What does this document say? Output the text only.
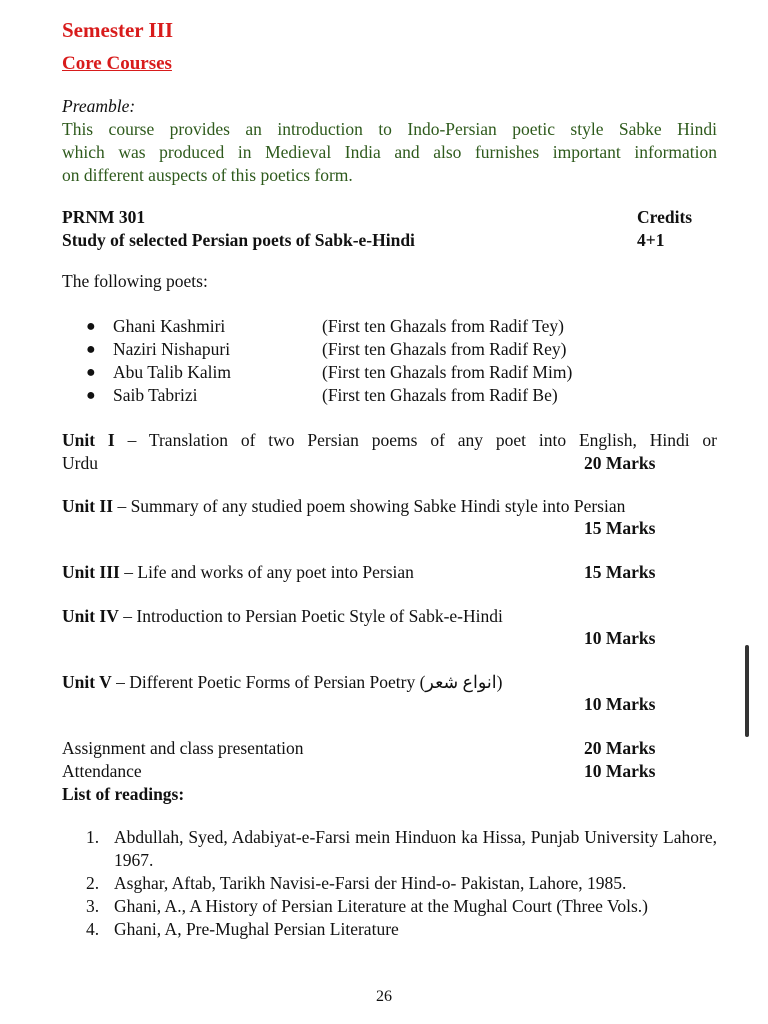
Semester III
Core Courses
Preamble:
This course provides an introduction to Indo-Persian poetic style Sabke Hindi
which was produced in Medieval India and also furnishes important information
on different auspects of this poetics form.
PRNM 301	Credits
Study of selected Persian poets of Sabk-e-Hindi	4+1
The following poets:
● Ghani Kashmiri	(First ten Ghazals from Radif Tey)
● Naziri Nishapuri	(First ten Ghazals from Radif Rey)
● Abu Talib Kalim	(First ten Ghazals from Radif Mim)
● Saib Tabrizi	(First ten Ghazals from Radif Be)
Unit I – Translation of two Persian poems of any poet into English, Hindi or
Urdu	20 Marks
Unit II – Summary of any studied poem showing Sabke Hindi style into Persian
15 Marks
Unit III – Life and works of any poet into Persian	15 Marks
Unit IV – Introduction to Persian Poetic Style of Sabk-e-Hindi
10 Marks
Unit V – Different Poetic Forms of Persian Poetry (انواع شعر)
10 Marks
Assignment and class presentation	20 Marks
Attendance	10 Marks
List of readings:
1. Abdullah, Syed, Adabiyat-e-Farsi mein Hinduon ka Hissa, Punjab University Lahore, 1967.
2. Asghar, Aftab, Tarikh Navisi-e-Farsi der Hind-o- Pakistan, Lahore, 1985.
3. Ghani, A., A History of Persian Literature at the Mughal Court (Three Vols.)
4. Ghani, A, Pre-Mughal Persian Literature
26
